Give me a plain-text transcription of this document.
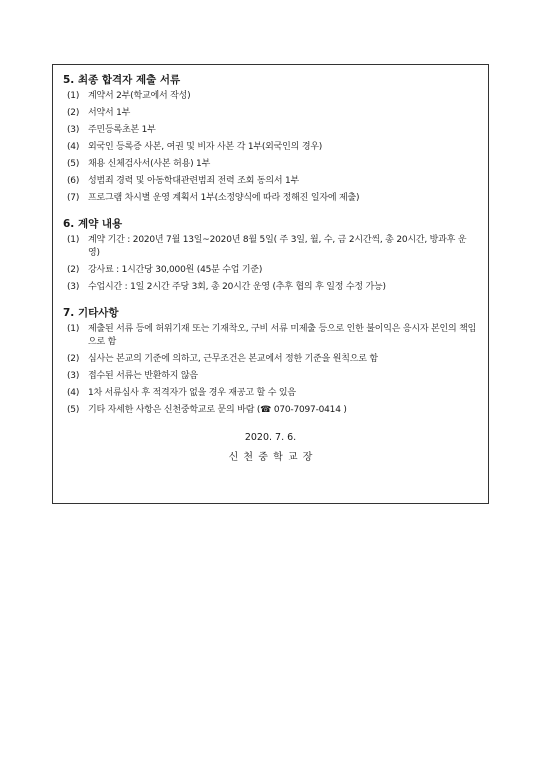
5. 최종 합격자 제출 서류
(1) 계약서 2부(학교에서 작성)
(2) 서약서 1부
(3) 주민등록초본 1부
(4) 외국인 등록증 사본, 여권 및 비자 사본 각 1부(외국인의 경우)
(5) 채용 신체검사서(사본 허용) 1부
(6) 성범죄 경력 및 아동학대관련범죄 전력 조회 동의서 1부
(7) 프로그램 차시별 운영 계획서 1부(소정양식에 따라 정해진 일자에 제출)
6. 계약 내용
(1) 계약 기간 : 2020년 7월 13일~2020년 8월 5일( 주 3일, 월, 수, 금 2시간씩, 총 20시간, 방과후 운영)
(2) 강사료 : 1시간당 30,000원 (45분 수업 기준)
(3) 수업시간 : 1일 2시간 주당 3회, 총 20시간 운영 (추후 협의 후 일정 수정 가능)
7. 기타사항
(1) 제출된 서류 등에 허위기재 또는 기재착오, 구비 서류 미제출 등으로 인한 불이익은 응시자 본인의 책임으로 함
(2) 심사는 본교의 기준에 의하고, 근무조건은 본교에서 정한 기준을 원칙으로 함
(3) 접수된 서류는 반환하지 않음
(4) 1차 서류심사 후 적격자가 없을 경우 재공고 할 수 있음
(5) 기타 자세한 사항은 신천중학교로 문의 바람 (☎ 070-7097-0414 )
2020. 7. 6.
신 천 중 학 교 장
